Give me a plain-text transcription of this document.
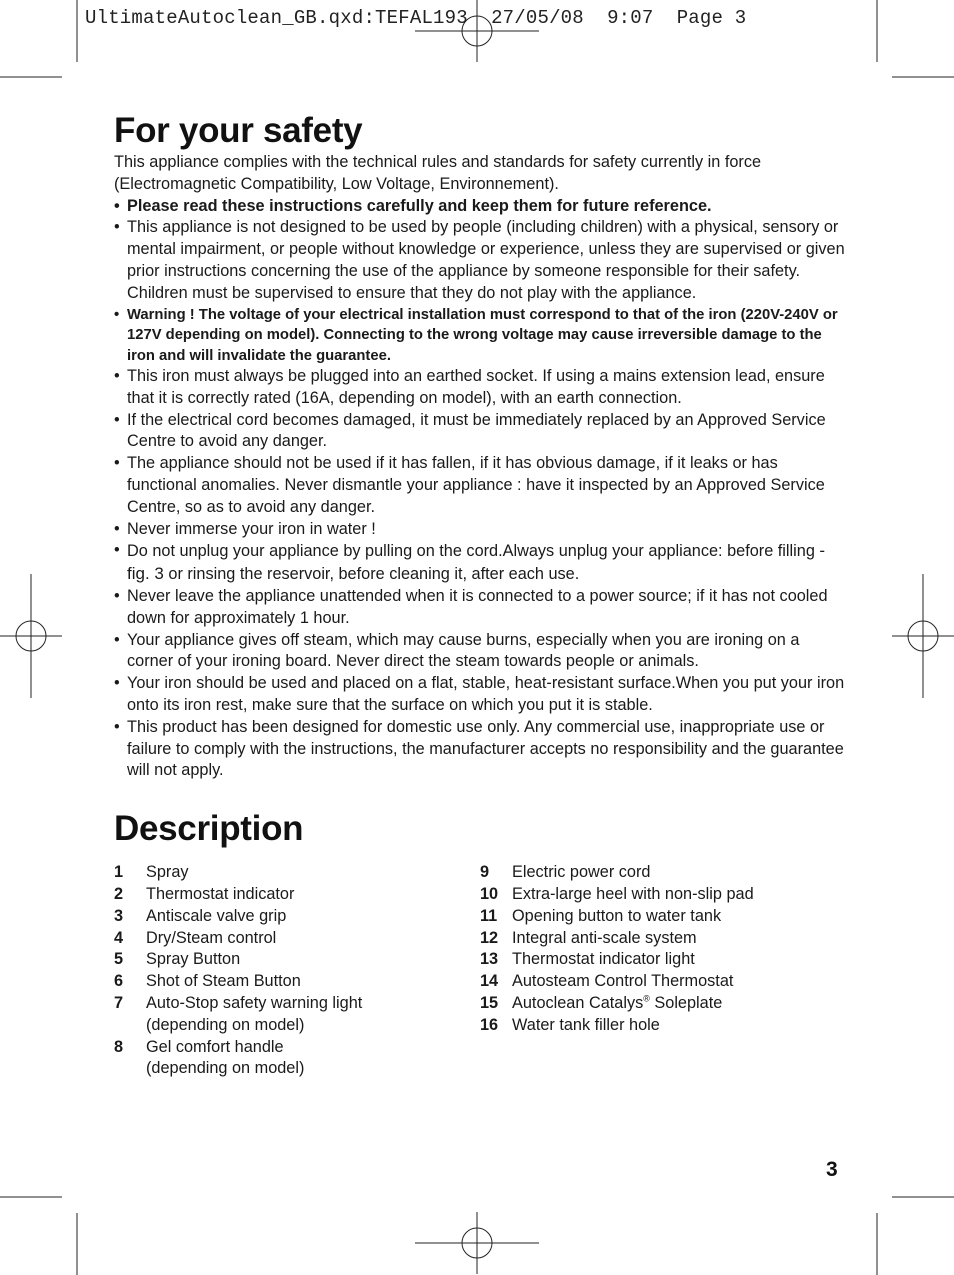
UltimateAutoclean_GB.qxd:TEFAL193  27/05/08  9:07  Page 3
For your safety

This appliance complies with the technical rules and standards for safety currently in force (Electromagnetic Compatibility, Low Voltage, Environnement).

• Please read these instructions carefully and keep them for future reference.
• This appliance is not designed to be used by people (including children) with a physical, sensory or mental impairment, or people without knowledge or experience, unless they are supervised or given prior instructions concerning the use of the appliance by someone responsible for their safety. Children must be supervised to ensure that they do not play with the appliance.
• Warning ! The voltage of your electrical installation must correspond to that of the iron (220V-240V or 127V depending on model). Connecting to the wrong voltage may cause irreversible damage to the iron and will invalidate the guarantee.
• This iron must always be plugged into an earthed socket. If using a mains extension lead, ensure that it is correctly rated (16A, depending on model), with an earth connection.
• If the electrical cord becomes damaged, it must be immediately replaced by an Approved Service Centre to avoid any danger.
• The appliance should not be used if it has fallen, if it has obvious damage, if it leaks or has functional anomalies. Never dismantle your appliance : have it inspected by an Approved Service Centre, so as to avoid any danger.
• Never immerse your iron in water !
• Do not unplug your appliance by pulling on the cord.Always unplug your appliance: before filling - fig. 3 or rinsing the reservoir, before cleaning it, after each use.
• Never leave the appliance unattended when it is connected to a power source; if it has not cooled down for approximately 1 hour.
• Your appliance gives off steam, which may cause burns, especially when you are ironing on a corner of your ironing board. Never direct the steam towards people or animals.
• Your iron should be used and placed on a flat, stable, heat-resistant surface.When you put your iron onto its iron rest, make sure that the surface on which you put it is stable.
• This product has been designed for domestic use only. Any commercial use, inappropriate use or failure to comply with the instructions, the manufacturer accepts no responsibility and the guarantee will not apply.
Description
1	Spray
2	Thermostat indicator
3	Antiscale valve grip
4	Dry/Steam control
5	Spray Button
6	Shot of Steam Button
7	Auto-Stop safety warning light
(depending on model)
8	Gel comfort handle
(depending on model)
9	Electric power cord
10 Extra-large heel with non-slip pad
11 Opening button to water tank
12 Integral anti-scale system
13 Thermostat indicator light
14 Autosteam Control Thermostat
15 Autoclean Catalys® Soleplate
16 Water tank filler hole
3
